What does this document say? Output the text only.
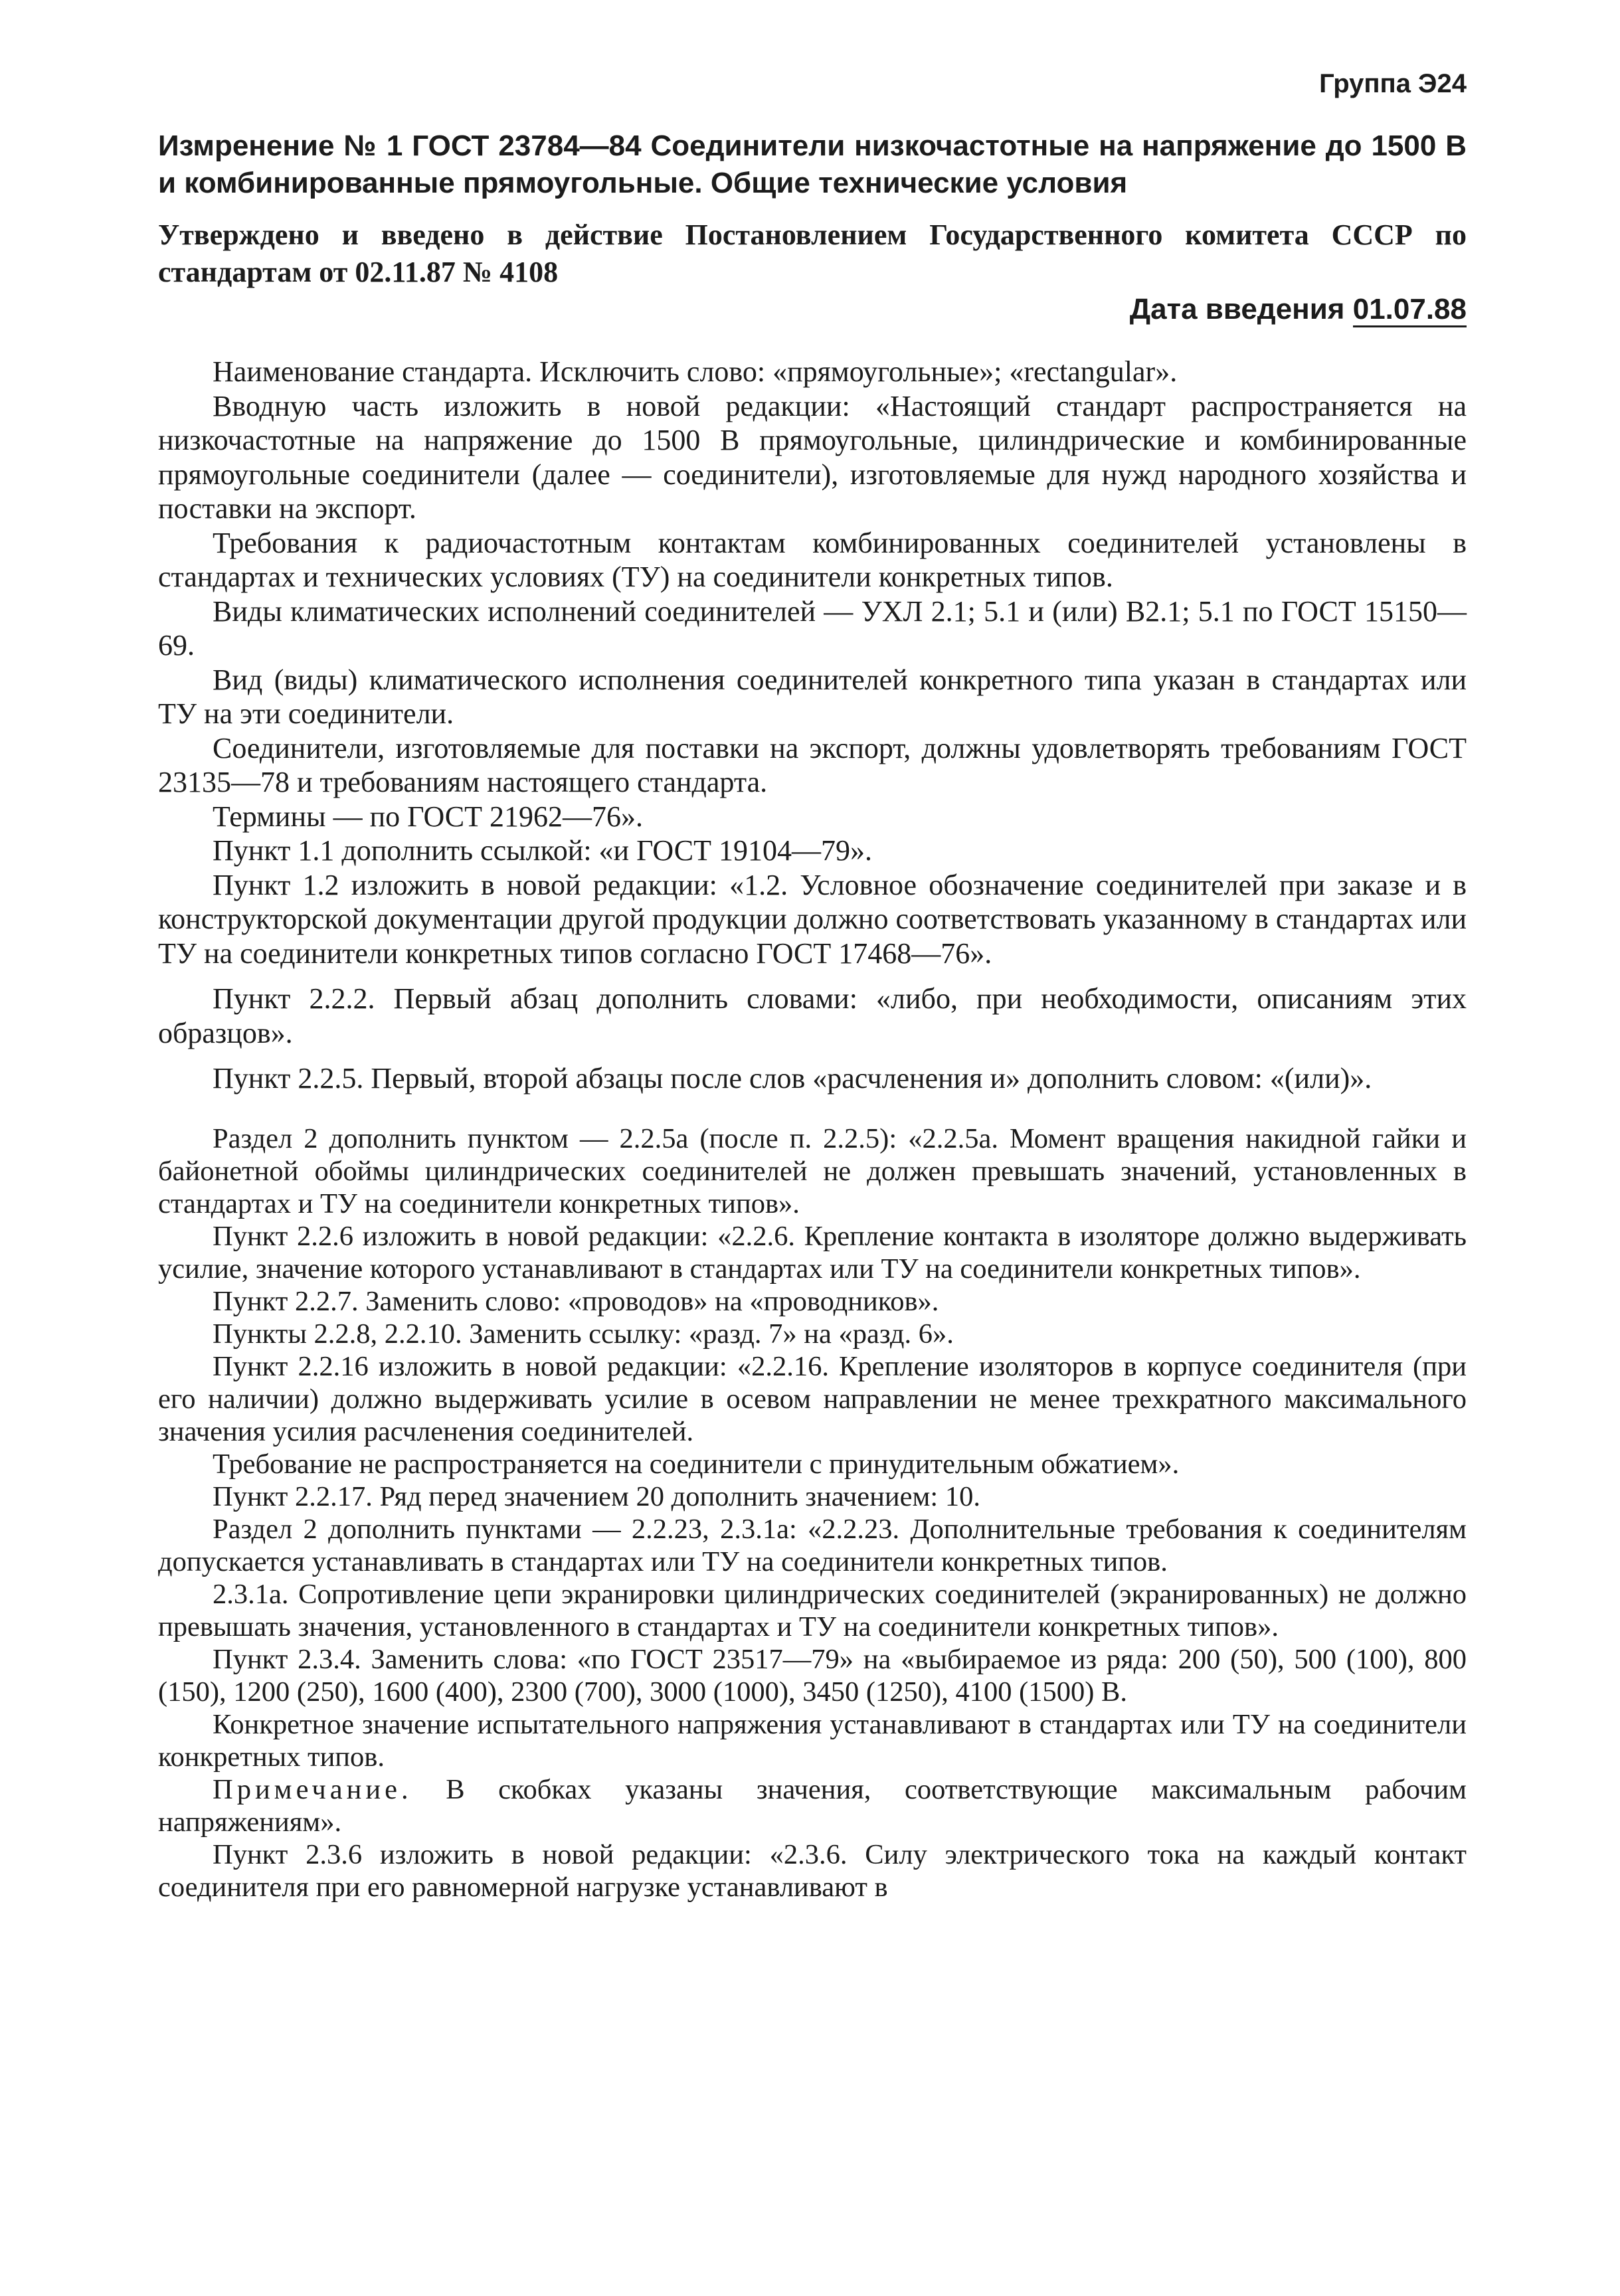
Группа Э24
Измpенение № 1 ГОСТ 23784—84 Соединители низкочастотные на напряжение до 1500 В и комбинированные прямоугольные. Общие технические условия
Утверждено и введено в действие Постановлением Государственного комитета СССР по стандартам от 02.11.87 № 4108
Дата введения 01.07.88

Наименование стандарта. Исключить слово: «прямоугольные»; «rectangular».

Вводную часть изложить в новой редакции: «Настоящий стандарт распространяется на низкочастотные на напряжение до 1500 В прямоугольные, цилиндрические и комбинированные прямоугольные соединители (далее — соединители), изготовляемые для нужд народного хозяйства и поставки на экспорт.

Требования к радиочастотным контактам комбинированных соединителей установлены в стандартах и технических условиях (ТУ) на соединители конкретных типов.

Виды климатических исполнений соединителей — УХЛ 2.1; 5.1 и (или) В2.1; 5.1 по ГОСТ 15150—69.

Вид (виды) климатического исполнения соединителей конкретного типа указан в стандартах или ТУ на эти соединители.

Соединители, изготовляемые для поставки на экспорт, должны удовлетворять требованиям ГОСТ 23135—78 и требованиям настоящего стандарта.

Термины — по ГОСТ 21962—76».

Пункт 1.1 дополнить ссылкой: «и ГОСТ 19104—79».

Пункт 1.2 изложить в новой редакции: «1.2. Условное обозначение соединителей при заказе и в конструкторской документации другой продукции должно соответствовать указанному в стандартах или ТУ на соединители конкретных типов согласно ГОСТ 17468—76».

Пункт 2.2.2. Первый абзац дополнить словами: «либо, при необходимости, описаниям этих образцов».

Пункт 2.2.5. Первый, второй абзацы после слов «расчленения и» дополнить словом: «(или)».

Раздел 2 дополнить пунктом — 2.2.5а (после п. 2.2.5): «2.2.5а. Момент вращения накидной гайки и байонетной обоймы цилиндрических соединителей не должен превышать значений, установленных в стандартах и ТУ на соединители конкретных типов».

Пункт 2.2.6 изложить в новой редакции: «2.2.6. Крепление контакта в изоляторе должно выдерживать усилие, значение которого устанавливают в стандартах или ТУ на соединители конкретных типов».

Пункт 2.2.7. Заменить слово: «проводов» на «проводников».

Пункты 2.2.8, 2.2.10. Заменить ссылку: «разд. 7» на «разд. 6».

Пункт 2.2.16 изложить в новой редакции: «2.2.16. Крепление изоляторов в корпусе соединителя (при его наличии) должно выдерживать усилие в осевом направлении не менее трехкратного максимального значения усилия расчленения соединителей.

Требование не распространяется на соединители с принудительным обжатием».

Пункт 2.2.17. Ряд перед значением 20 дополнить значением: 10.

Раздел 2 дополнить пунктами — 2.2.23, 2.3.1а: «2.2.23. Дополнительные требования к соединителям допускается устанавливать в стандартах или ТУ на соединители конкретных типов.

2.3.1а. Сопротивление цепи экранировки цилиндрических соединителей (экранированных) не должно превышать значения, установленного в стандартах и ТУ на соединители конкретных типов».

Пункт 2.3.4. Заменить слова: «по ГОСТ 23517—79» на «выбираемое из ряда: 200 (50), 500 (100), 800 (150), 1200 (250), 1600 (400), 2300 (700), 3000 (1000), 3450 (1250), 4100 (1500) В.

Конкретное значение испытательного напряжения устанавливают в стандартах или ТУ на соединители конкретных типов.

Примечание. В скобках указаны значения, соответствующие максимальным рабочим напряжениям».

Пункт 2.3.6 изложить в новой редакции: «2.3.6. Силу электрического тока на каждый контакт соединителя при его равномерной нагрузке устанавливают в
